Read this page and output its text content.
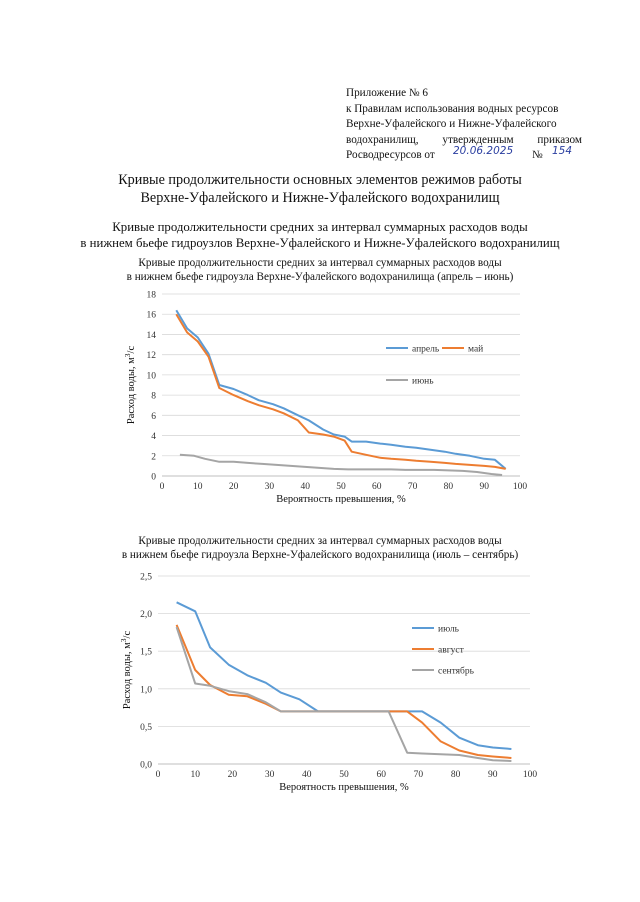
Приложение № 6
к Правилам использования водных ресурсов
Верхне-Уфалейского и Нижне-Уфалейского
водохранилищ, утвержденным приказом
Росводресурсов от 20.06.2025 № 154
Кривые продолжительности основных элементов режимов работы
Верхне-Уфалейского и Нижне-Уфалейского водохранилищ
Кривые продолжительности средних за интервал суммарных расходов воды
в нижнем бьефе гидроузлов Верхне-Уфалейского и Нижне-Уфалейского водохранилищ
Кривые продолжительности средних за интервал суммарных расходов воды
в нижнем бьефе гидроузла Верхне-Уфалейского водохранилища (апрель – июнь)
0
2
4
6
8
10
12
14
16
18
0	10	20	30	40	50	60	70	80	90	100
Вероятность превышения, %
Расход воды, $м^3/с$	апрель	май
июнь
Кривые продолжительности средних за интервал суммарных расходов воды
в нижнем бьефе гидроузла Верхне-Уфалейского водохранилища (июль – сентябрь)
0,0
0,5
1,0
1,5
2,0
2,5
0	10	20	30	40	50	60	70	80	90	100
Вероятность превышения, %
Расход воды, $м^3/с$
июль
август
сентябрь
